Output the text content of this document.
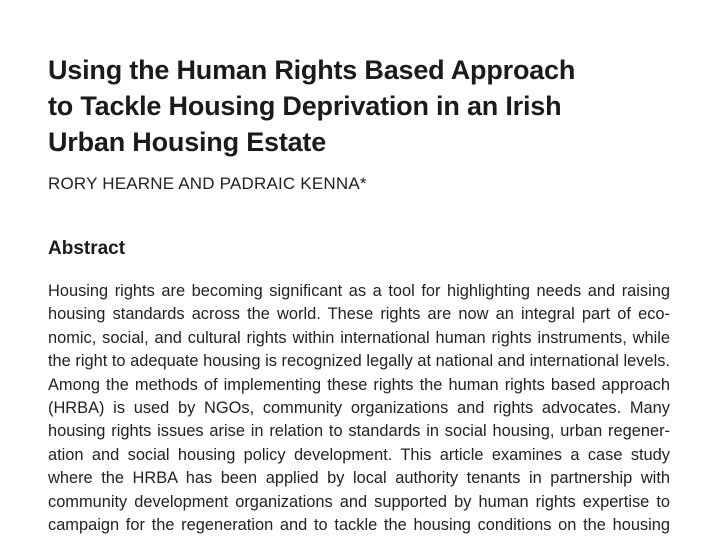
Using the Human Rights Based Approach
to Tackle Housing Deprivation in an Irish
Urban Housing Estate
RORY HEARNE AND PADRAIC KENNA*
Abstract
Housing rights are becoming significant as a tool for highlighting needs and raising
housing standards across the world. These rights are now an integral part of eco-
nomic, social, and cultural rights within international human rights instruments, while
the right to adequate housing is recognized legally at national and international levels.
Among the methods of implementing these rights the human rights based approach
(HRBA) is used by NGOs, community organizations and rights advocates. Many
housing rights issues arise in relation to standards in social housing, urban regener-
ation and social housing policy development. This article examines a case study
where the HRBA has been applied by local authority tenants in partnership with
community development organizations and supported by human rights expertise to
campaign for the regeneration and to tackle the housing conditions on the housing
